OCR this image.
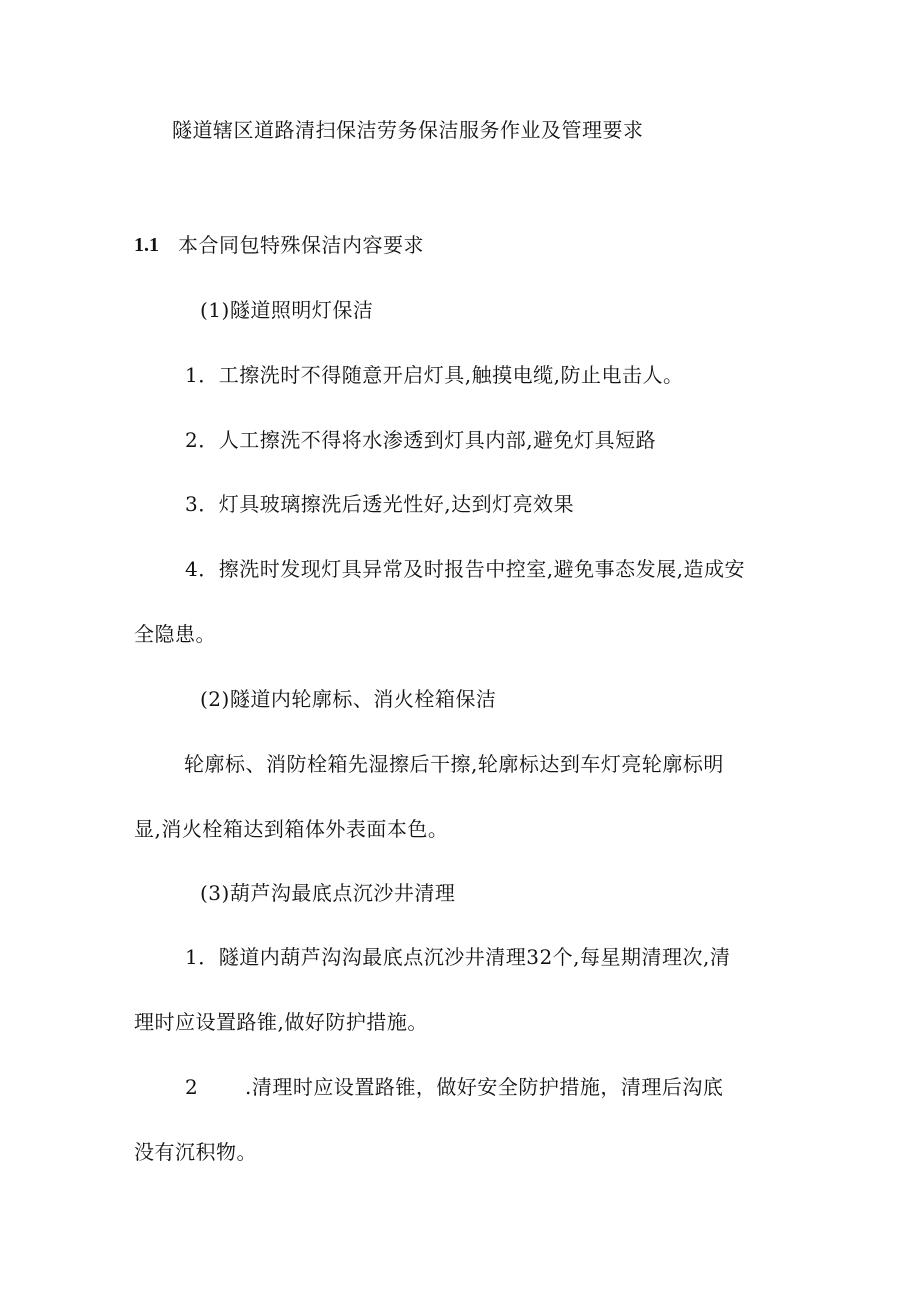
隧道辖区道路清扫保洁劳务保洁服务作业及管理要求
1.1 本合同包特殊保洁内容要求
(1)隧道照明灯保洁
1．工擦洗时不得随意开启灯具,触摸电缆,防止电击人。
2．人工擦洗不得将水渗透到灯具内部,避免灯具短路
3．灯具玻璃擦洗后透光性好,达到灯亮效果
4．擦洗时发现灯具异常及时报告中控室,避免事态发展,造成安
全隐患。
(2)隧道内轮廓标、消火栓箱保洁
轮廓标、消防栓箱先湿擦后干擦,轮廓标达到车灯亮轮廓标明
显,消火栓箱达到箱体外表面本色。
(3)葫芦沟最底点沉沙井清理
1．隧道内葫芦沟沟最底点沉沙井清理32个,每星期清理次,清
理时应设置路锥,做好防护措施。
2 .清理时应设置路锥，做好安全防护措施，清理后沟底
没有沉积物。
